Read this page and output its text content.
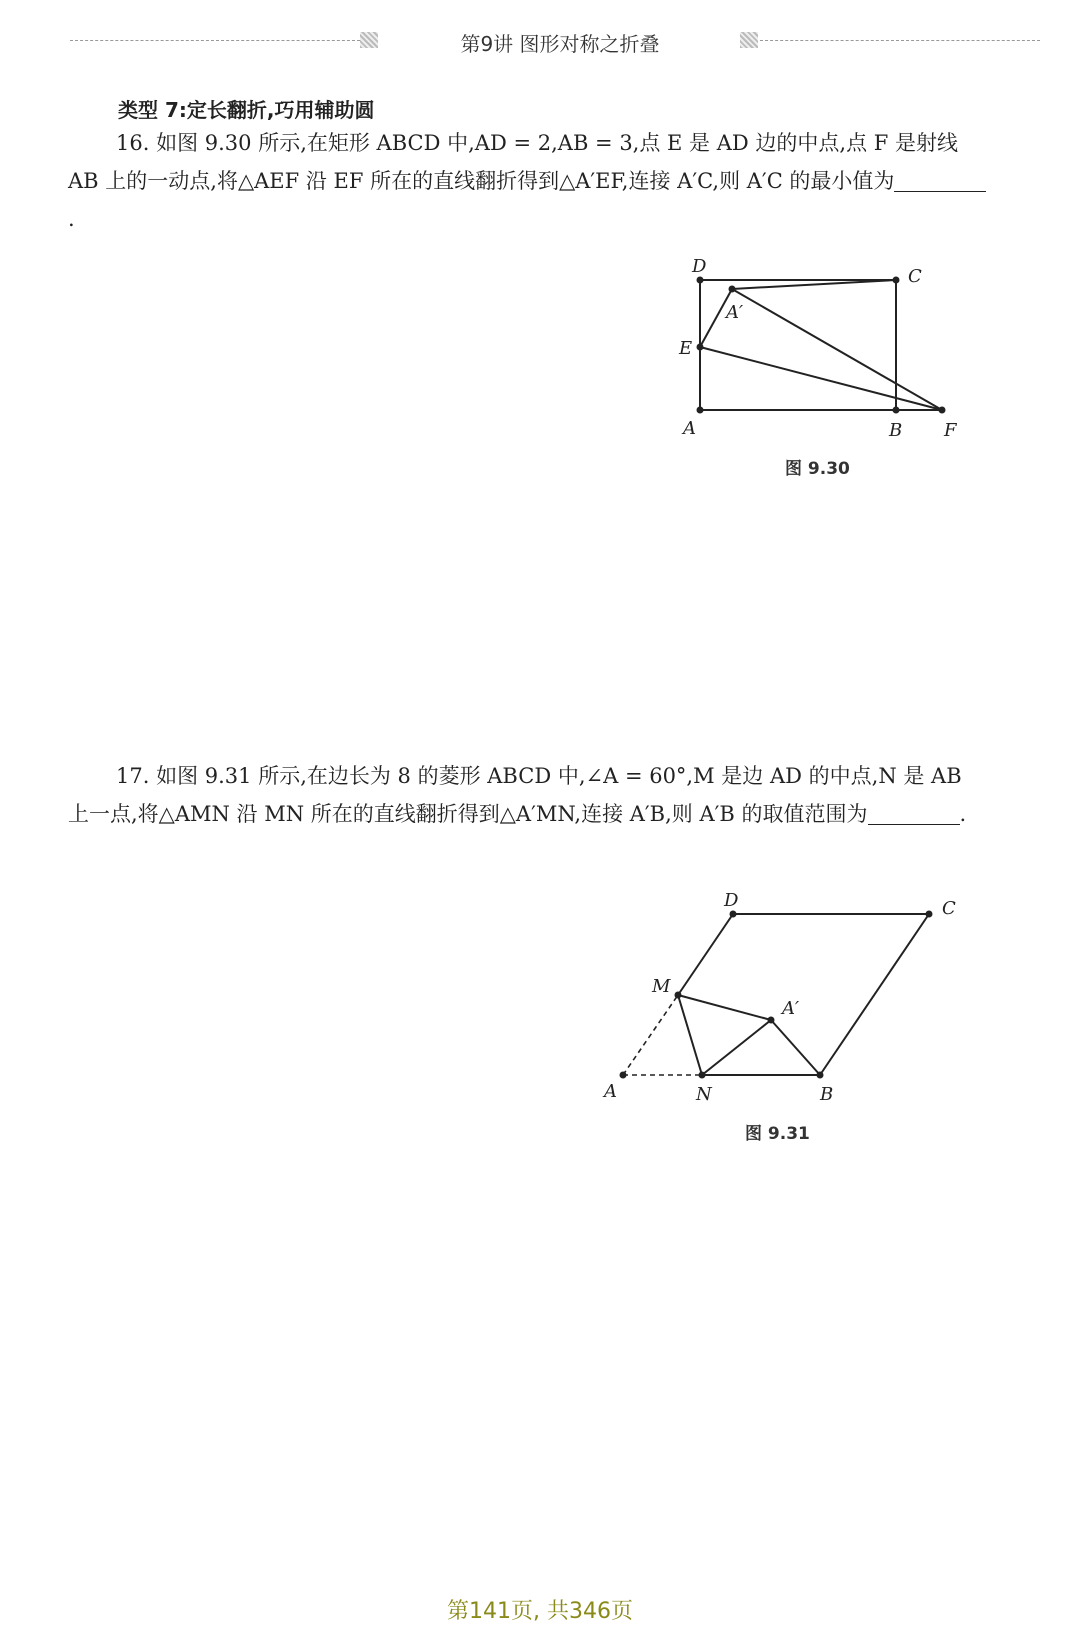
第9讲 图形对称之折叠
类型 7:定长翻折,巧用辅助圆
16. 如图 9.30 所示,在矩形 ABCD 中,AD = 2,AB = 3,点 E 是 AD 边的中点,点 F 是射线 AB 上的一动点,将△AEF 沿 EF 所在的直线翻折得到△A′EF,连接 A′C,则 A′C 的最小值为.
D	C
A′
E
A	B F
图 9.30
17. 如图 9.31 所示,在边长为 8 的菱形 ABCD 中,∠A = 60°,M 是边 AD 的中点,N 是 AB 上一点,将△AMN 沿 MN 所在的直线翻折得到△A′MN,连接 A′B,则 A′B 的取值范围为	.
D	C
M
A′
A	N	B
图 9.31
第141页, 共346页
